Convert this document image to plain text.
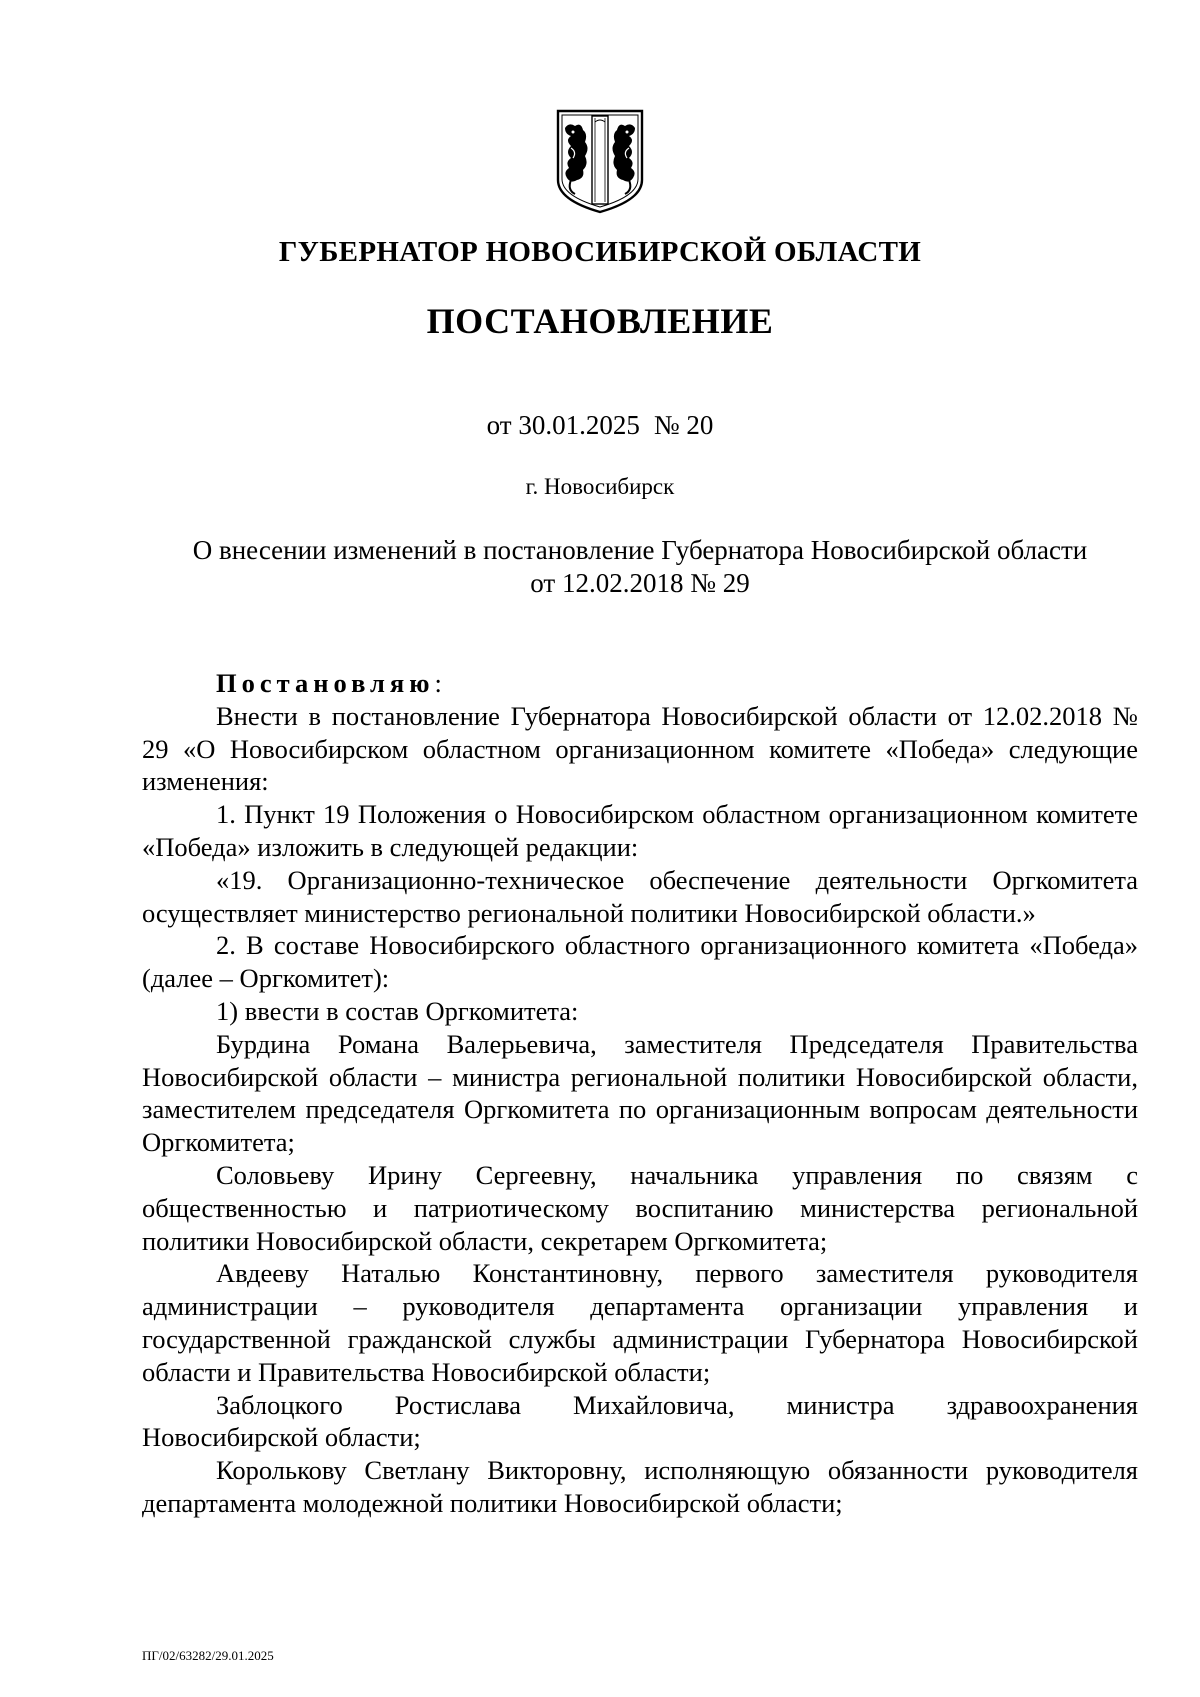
ГУБЕРНАТОР НОВОСИБИРСКОЙ ОБЛАСТИ
ПОСТАНОВЛЕНИЕ
от 30.01.2025 № 20
г. Новосибирск
О внесении изменений в постановление Губернатора Новосибирской области
от 12.02.2018 № 29

Постановляю:

Внести в постановление Губернатора Новосибирской области от 12.02.2018 № 29 «О Новосибирском областном организационном комитете «Победа» следующие изменения:

1. Пункт 19 Положения о Новосибирском областном организационном комитете «Победа» изложить в следующей редакции:

«19. Организационно-техническое обеспечение деятельности Оргкомитета осуществляет министерство региональной политики Новосибирской области.»

2. В составе Новосибирского областного организационного комитета «Победа» (далее – Оргкомитет):

1) ввести в состав Оргкомитета:

Бурдина Романа Валерьевича, заместителя Председателя Правительства Новосибирской области – министра региональной политики Новосибирской области, заместителем председателя Оргкомитета по организационным вопросам деятельности Оргкомитета;

Соловьеву Ирину Сергеевну, начальника управления по связям с общественностью и патриотическому воспитанию министерства региональной политики Новосибирской области, секретарем Оргкомитета;

Авдееву Наталью Константиновну, первого заместителя руководителя администрации – руководителя департамента организации управления и государственной гражданской службы администрации Губернатора Новосибирской области и Правительства Новосибирской области;

Заблоцкого Ростислава Михайловича, министра здравоохранения Новосибирской области;

Королькову Светлану Викторовну, исполняющую обязанности руководителя департамента молодежной политики Новосибирской области;

ПГ/02/63282/29.01.2025
